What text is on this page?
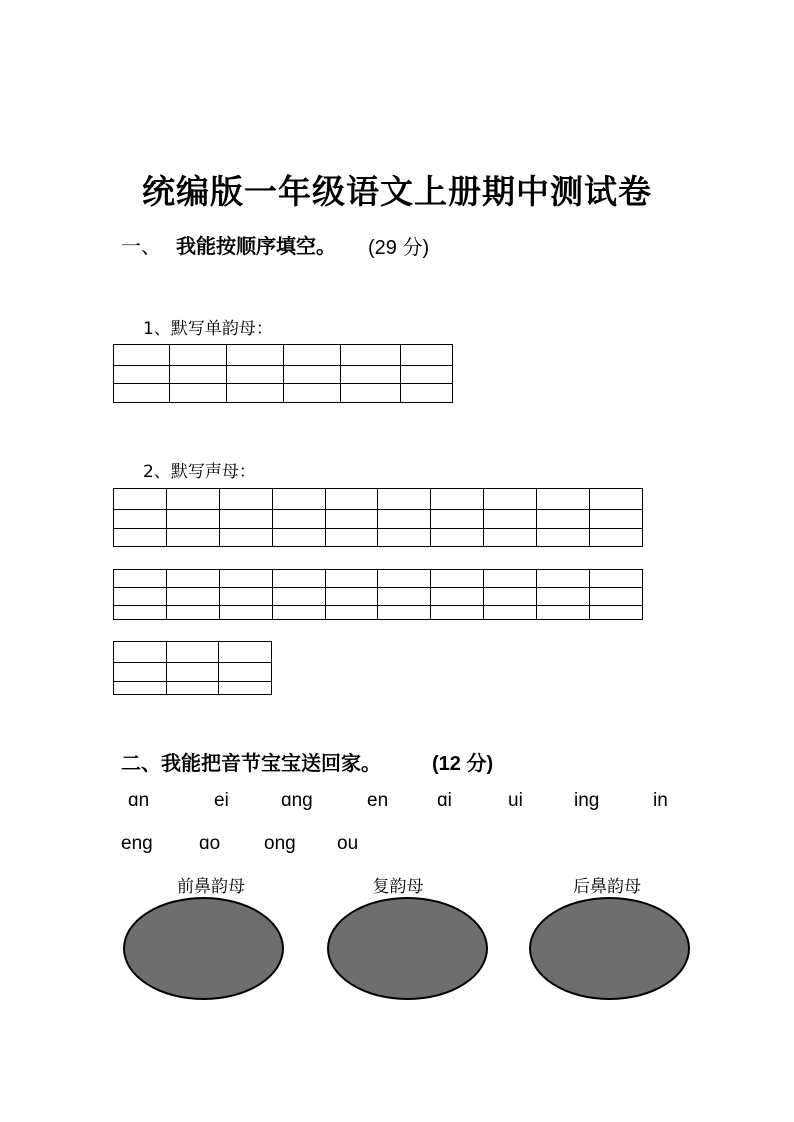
统编版一年级语文上册期中测试卷
一、 我能按顺序填空。 (29 分)
1、默写单韵母：

2、默写声母：

二、我能把音节宝宝送回家。	(12 分)
ɑn	ei	ɑng	en	ɑi	ui	ing	in
eng ɑo ong ou
前鼻韵母	复韵母	后鼻韵母
